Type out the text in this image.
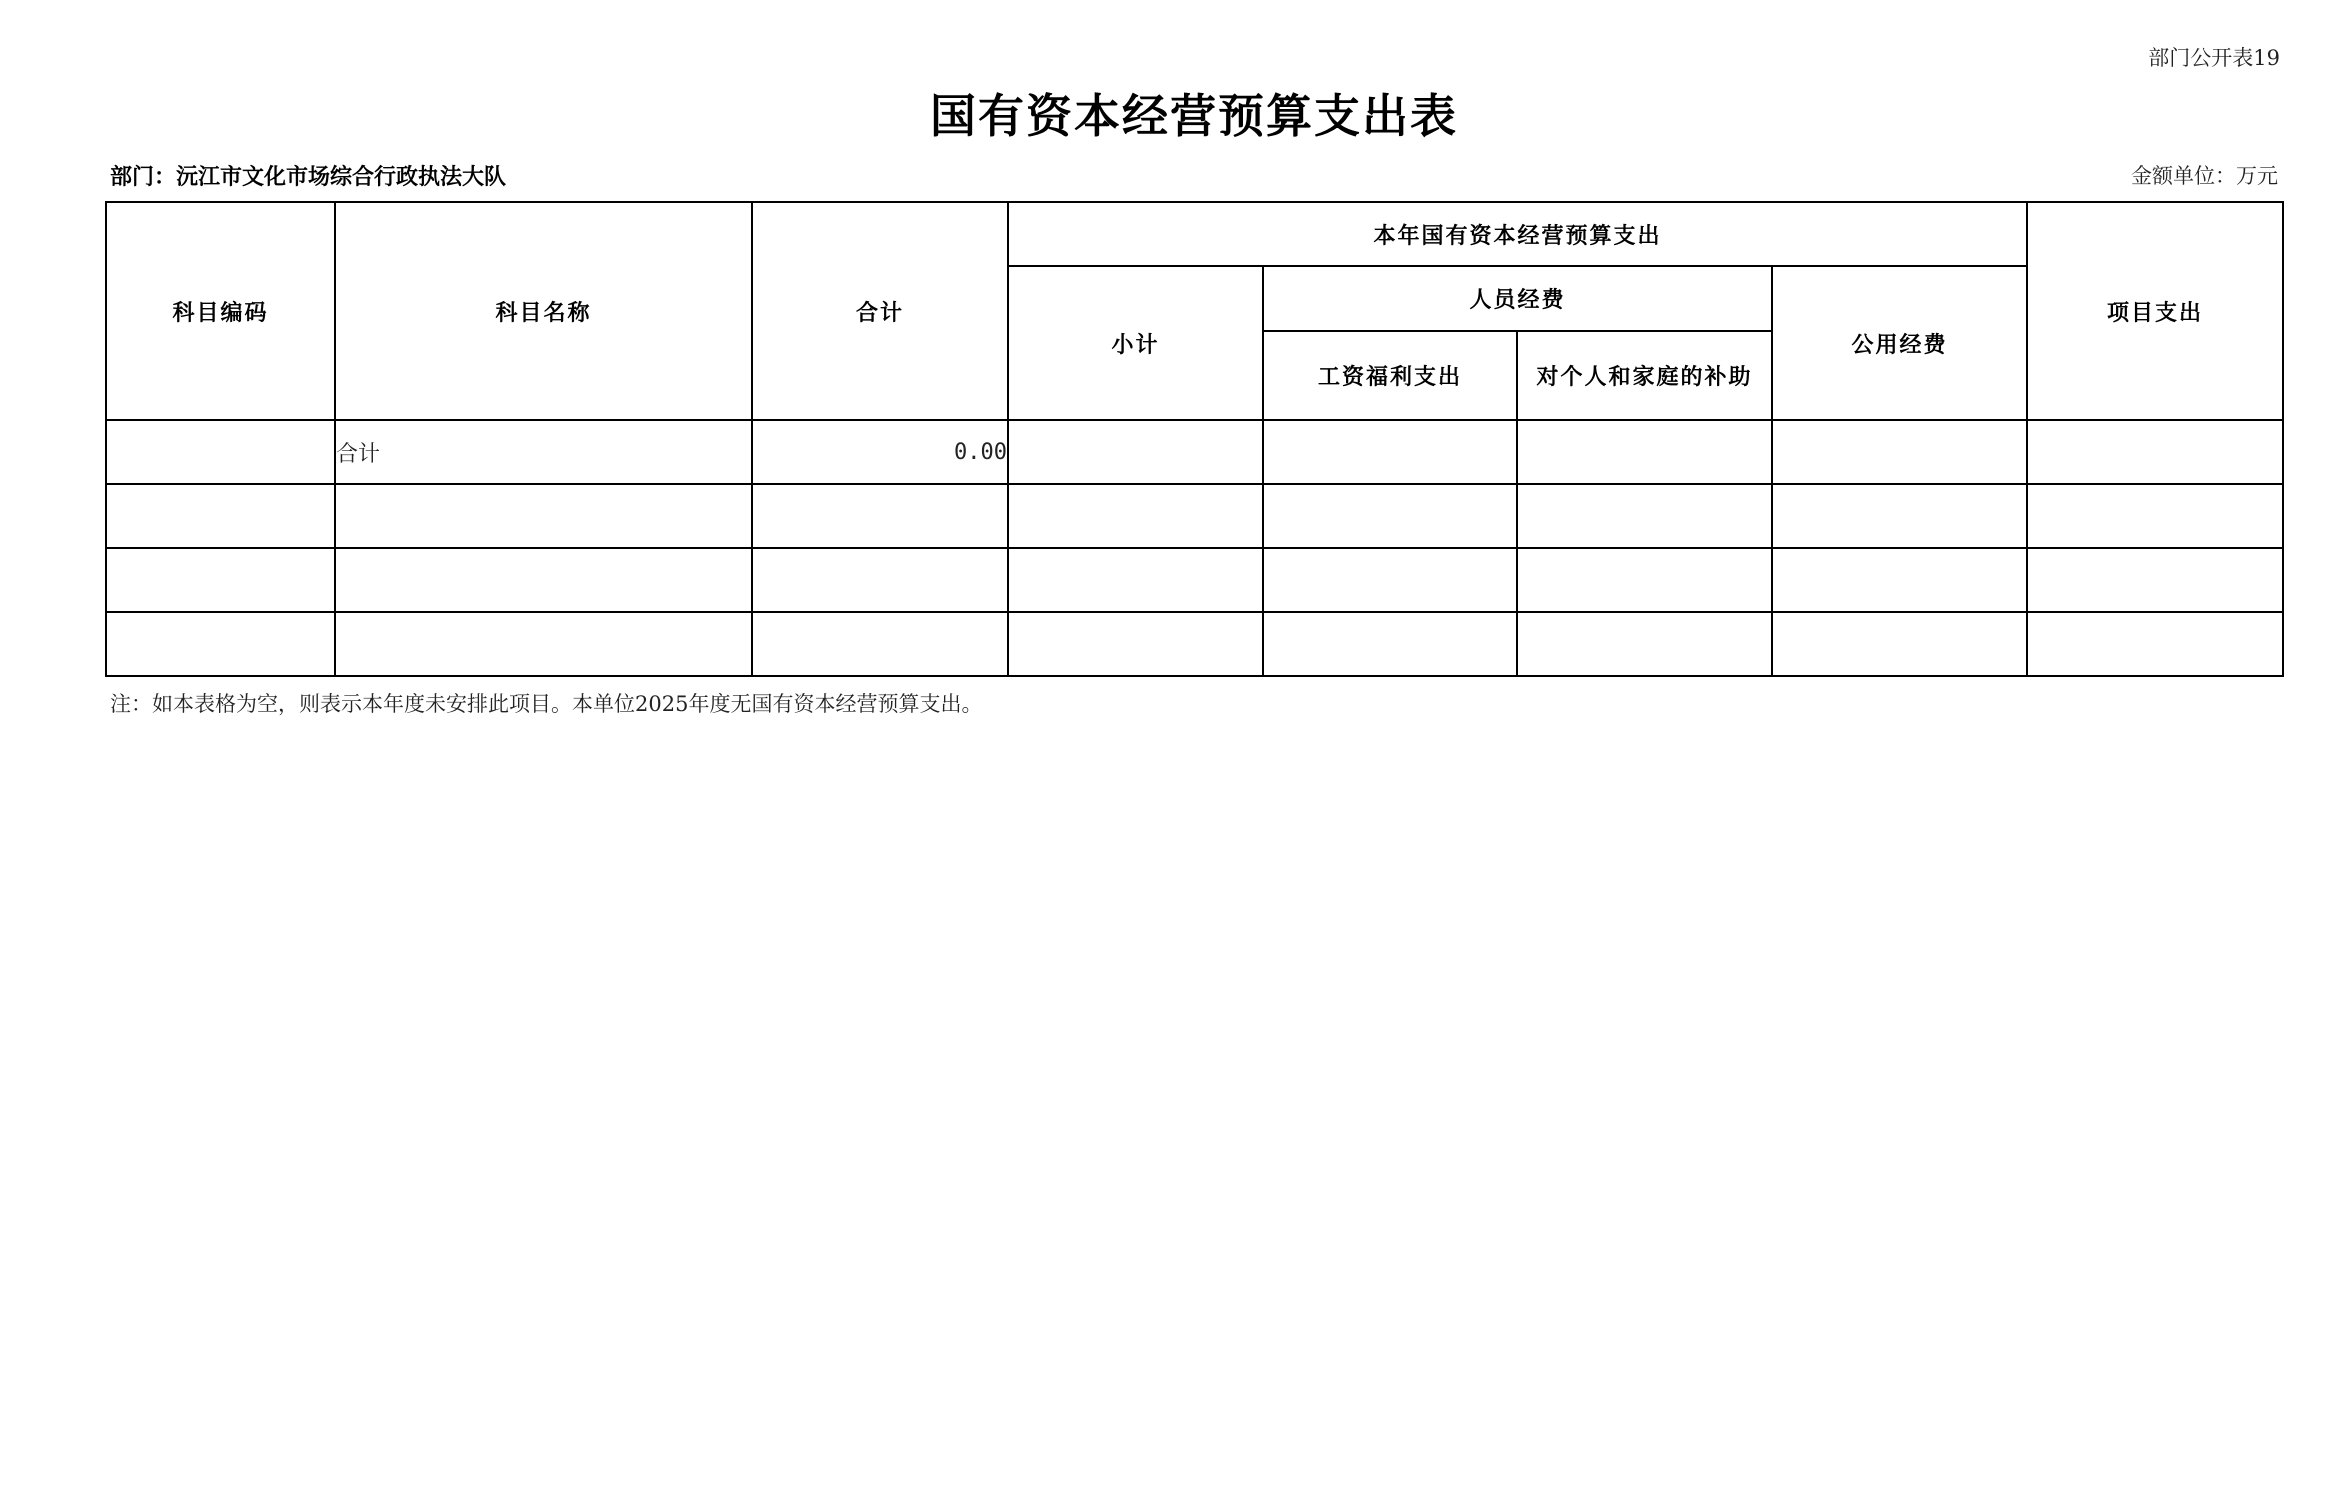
部门公开表19
国有资本经营预算支出表
部门：沅江市文化市场综合行政执法大队	金额单位：万元
科目编码	科目名称	合计	本年国有资本经营预算支出				项目支出
			小计	人员经费		公用经费	
				工资福利支出	对个人和家庭的补助		
	合计	0.00					

注：如本表格为空，则表示本年度未安排此项目。本单位2025年度无国有资本经营预算支出。
